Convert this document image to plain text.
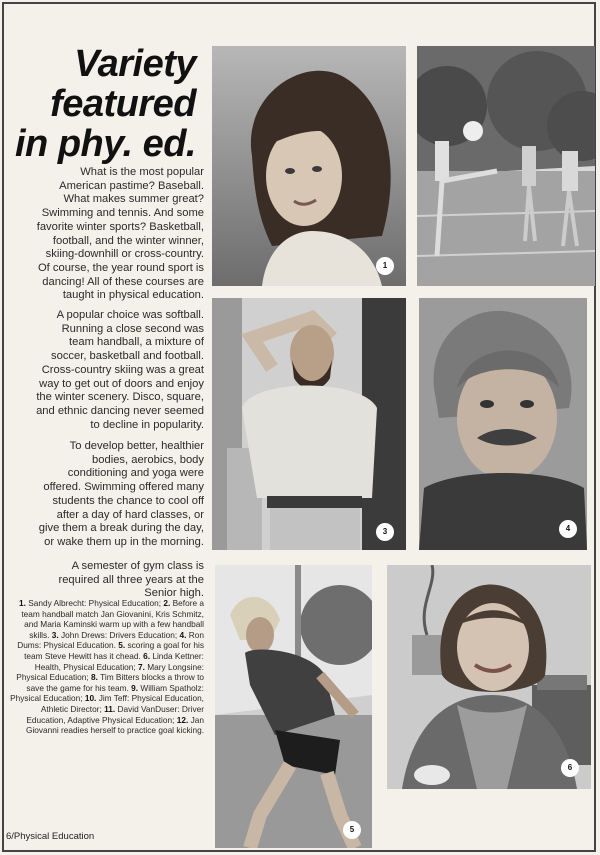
Variety
featured
in phy. ed.
What is the most popular American pastime? Baseball. What makes summer great? Swimming and tennis. And some favorite winter sports? Basketball, football, and the winter winner, skiing-downhill or cross-country. Of course, the year round sport is dancing! All of these courses are taught in physical education.
A popular choice was softball. Running a close second was team handball, a mixture of soccer, basketball and football. Cross-country skiing was a great way to get out of doors and enjoy the winter scenery. Disco, square, and ethnic dancing never seemed to decline in popularity.
To develop better, healthier bodies, aerobics, body conditioning and yoga were offered. Swimming offered many students the chance to cool off after a day of hard classes, or give them a break during the day, or wake them up in the morning.
A semester of gym class is required all three years at the Senior high.
1. Sandy Albrecht: Physical Education; 2. Before a team handball match Jan Giovanini, Kris Schmitz, and Maria Kaminski warm up with a few handball skills. 3. John Drews: Drivers Education; 4. Ron Dums: Physical Education. 5. scoring a goal for his team Steve Hewitt has it chead. 6. Linda Kettner: Health, Physical Education; 7. Mary Longsine: Physical Education; 8. Tim Bitters blocks a throw to save the game for his team. 9. William Spatholz: Physical Education; 10. Jim Teff: Physical Education, Athletic Director; 11. David VanDuser: Driver Education, Adaptive Physical Education; 12. Jan Giovanni readies herself to practice goal kicking.
6/Physical Education
1
3	4
5
6
